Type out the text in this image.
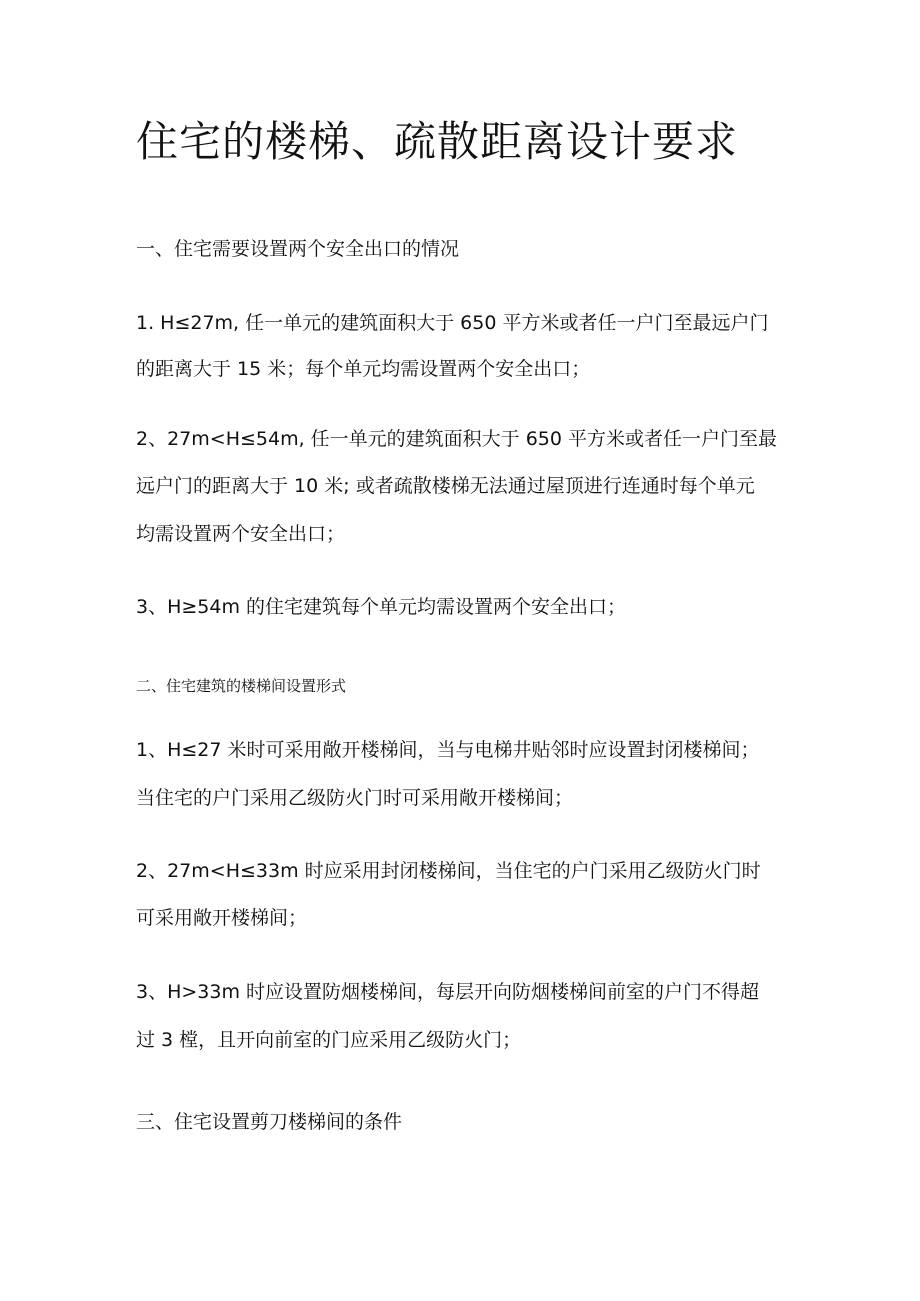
住宅的楼梯、疏散距离设计要求

一、住宅需要设置两个安全出口的情况

1. H≤27m, 任一单元的建筑面积大于 650 平方米或者任一户门至最远户门

的距离大于 15 米；每个单元均需设置两个安全出口；

2、27m<H≤54m, 任一单元的建筑面积大于 650 平方米或者任一户门至最

远户门的距离大于 10 米; 或者疏散楼梯无法通过屋顶进行连通时每个单元

均需设置两个安全出口；

3、H≥54m 的住宅建筑每个单元均需设置两个安全出口；

二、住宅建筑的楼梯间设置形式

1、H≤27 米时可采用敞开楼梯间，当与电梯井贴邻时应设置封闭楼梯间；

当住宅的户门采用乙级防火门时可采用敞开楼梯间；

2、27m<H≤33m 时应采用封闭楼梯间，当住宅的户门采用乙级防火门时

可采用敞开楼梯间；

3、H>33m 时应设置防烟楼梯间，每层开向防烟楼梯间前室的户门不得超

过 3 樘，且开向前室的门应采用乙级防火门；

三、住宅设置剪刀楼梯间的条件
